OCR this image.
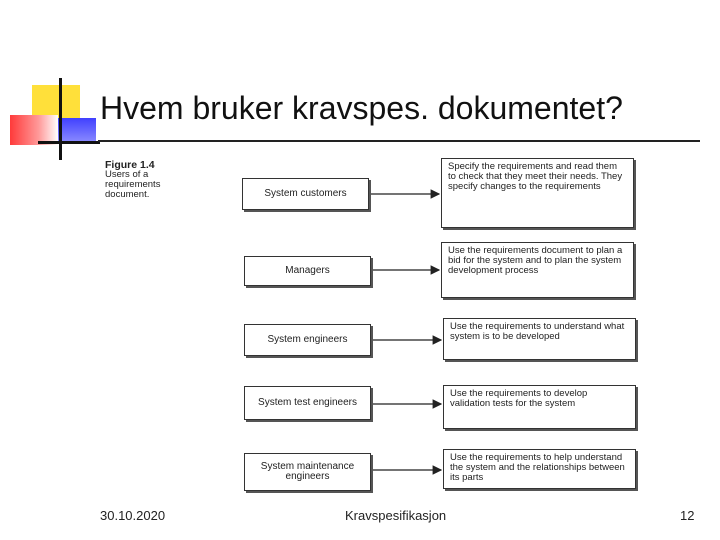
Hvem bruker kravspes. dokumentet?
Figure 1.4
Users of a requirements document.	System customers
Specify the requirements and read them to check that they meet their needs. They specify changes to the requirements
Managers
Use the requirements document to plan a bid for the system and to plan the system development process
System engineers
Use the requirements to understand what system is to be developed
System test engineers
Use the requirements to develop validation tests for the system
System maintenance engineers
Use the requirements to help understand the system and the relationships between its parts
30.10.2020	Kravspesifikasjon	12
